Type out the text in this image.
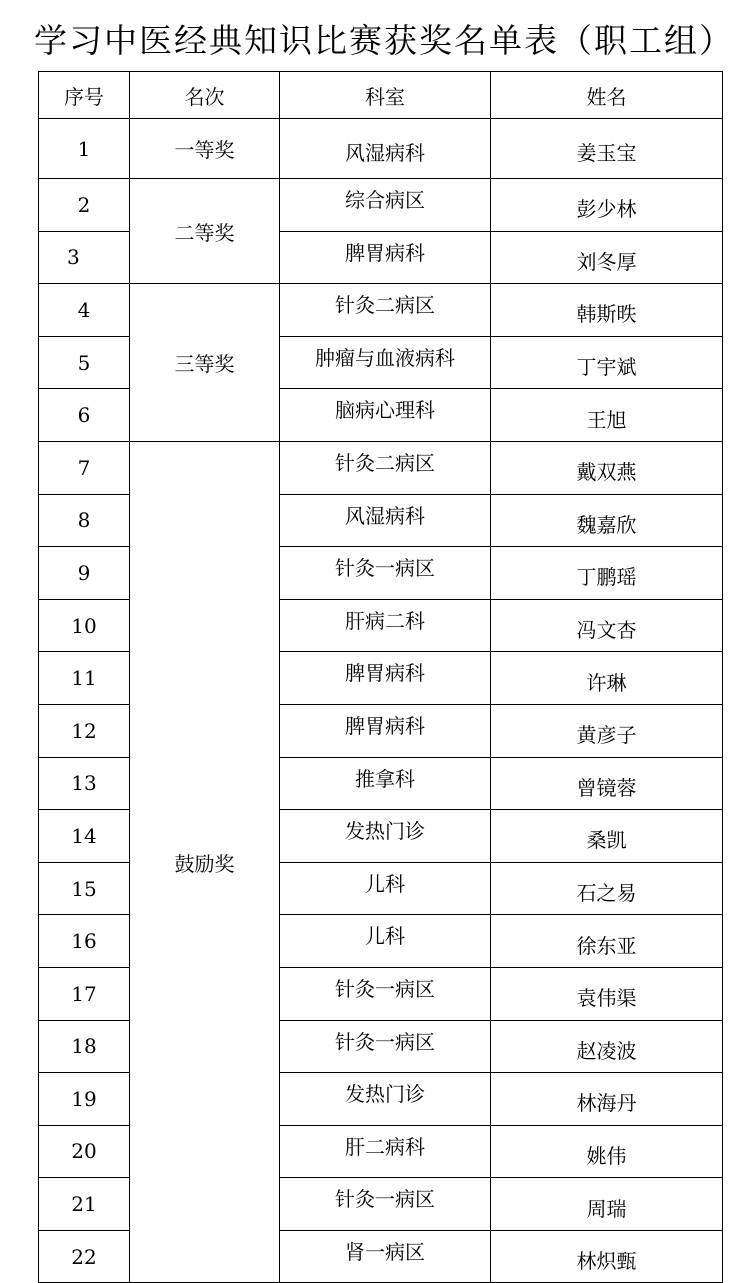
学习中医经典知识比赛获奖名单表（职工组）
序号	名次	科室	姓名
1	一等奖	风湿病科	姜玉宝
2	二等奖	综合病区	彭少林
3		脾胃病科	刘冬厚
4	三等奖	针灸二病区	韩斯昳
5		肿瘤与血液病科	丁宇斌
6		脑病心理科	王旭
7	鼓励奖	针灸二病区	戴双燕
8		风湿病科	魏嘉欣
9		针灸一病区	丁鹏瑶
10		肝病二科	冯文杏
11		脾胃病科	许琳
12		脾胃病科	黄彦子
13		推拿科	曾镜蓉
14		发热门诊	桑凯
15		儿科	石之易
16		儿科	徐东亚
17		针灸一病区	袁伟渠
18		针灸一病区	赵凌波
19		发热门诊	林海丹
20		肝二病科	姚伟
21		针灸一病区	周瑞
22		肾一病区	林炽甄
